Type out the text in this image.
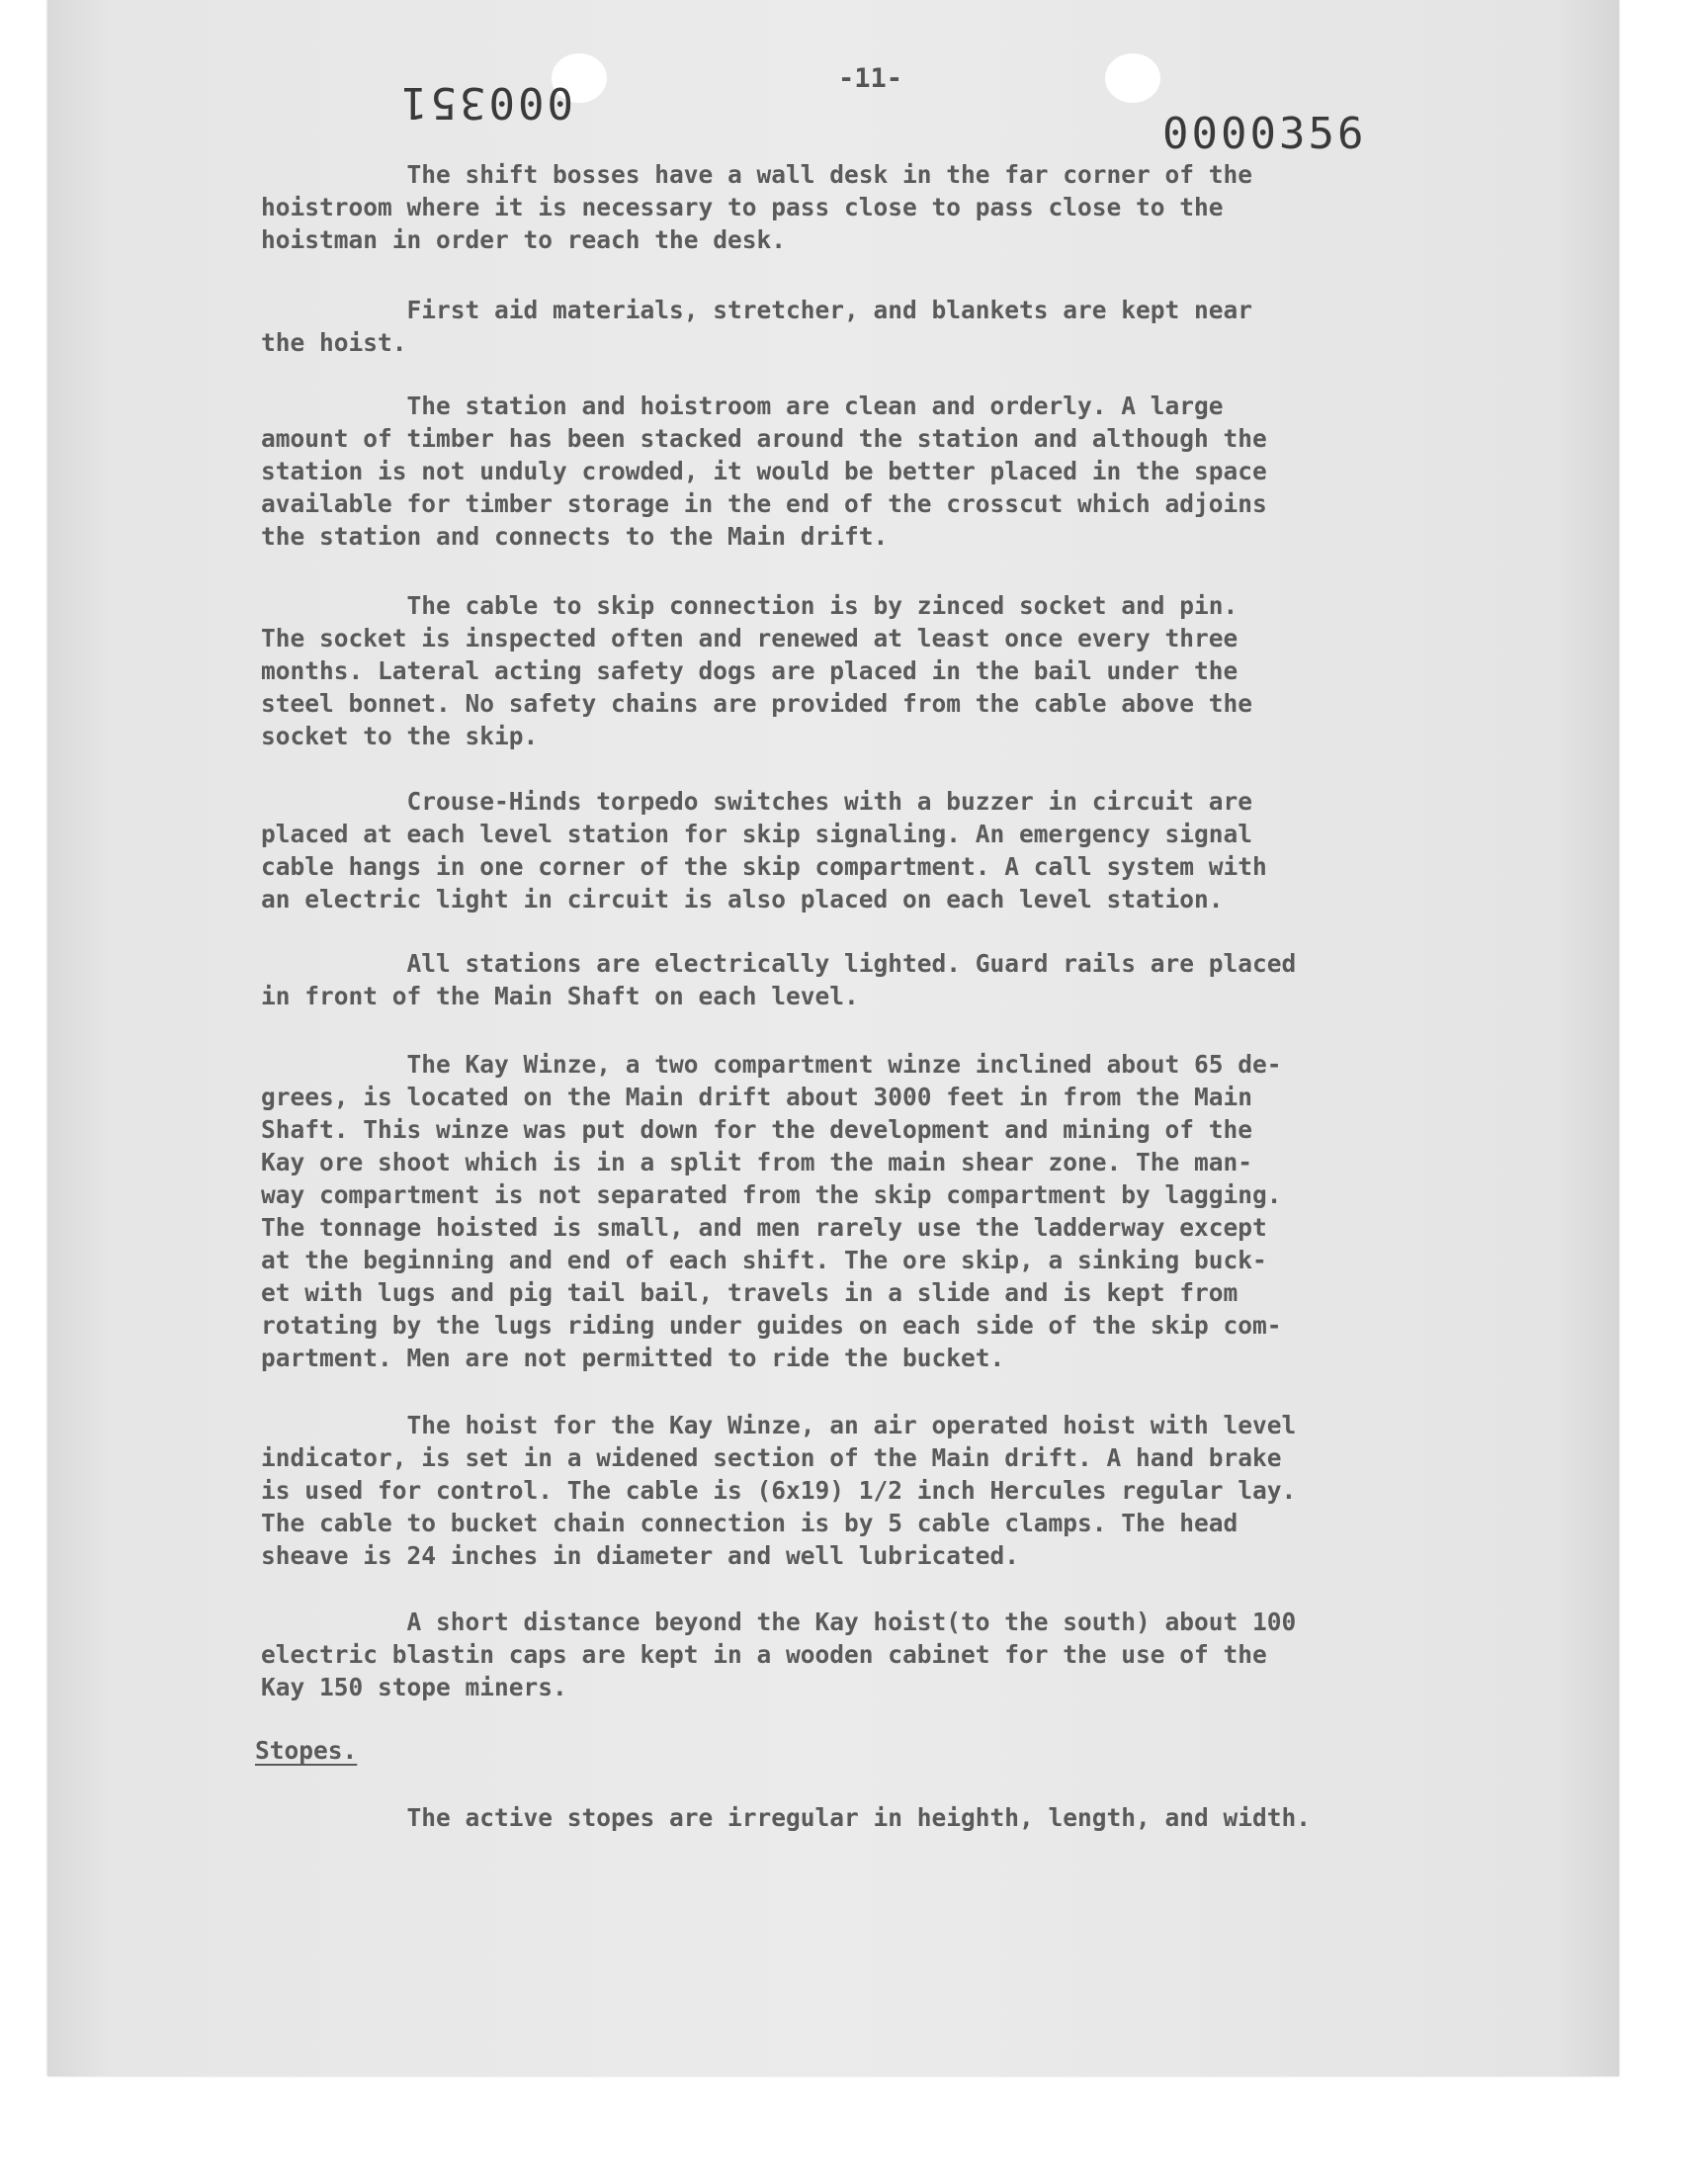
-11-
000351
0000356

The shift bosses have a wall desk in the far corner of the
hoistroom where it is necessary to pass close to pass close to the
hoistman in order to reach the desk.

First aid materials, stretcher, and blankets are kept near
the hoist.

The station and hoistroom are clean and orderly. A large
amount of timber has been stacked around the station and although the
station is not unduly crowded, it would be better placed in the space
available for timber storage in the end of the crosscut which adjoins
the station and connects to the Main drift.

The cable to skip connection is by zinced socket and pin.
The socket is inspected often and renewed at least once every three
months. Lateral acting safety dogs are placed in the bail under the
steel bonnet. No safety chains are provided from the cable above the
socket to the skip.

Crouse-Hinds torpedo switches with a buzzer in circuit are
placed at each level station for skip signaling. An emergency signal
cable hangs in one corner of the skip compartment. A call system with
an electric light in circuit is also placed on each level station.

All stations are electrically lighted. Guard rails are placed
in front of the Main Shaft on each level.

The Kay Winze, a two compartment winze inclined about 65 de-
grees, is located on the Main drift about 3000 feet in from the Main
Shaft. This winze was put down for the development and mining of the
Kay ore shoot which is in a split from the main shear zone. The man-
way compartment is not separated from the skip compartment by lagging.
The tonnage hoisted is small, and men rarely use the ladderway except
at the beginning and end of each shift. The ore skip, a sinking buck-
et with lugs and pig tail bail, travels in a slide and is kept from
rotating by the lugs riding under guides on each side of the skip com-
partment. Men are not permitted to ride the bucket.

The hoist for the Kay Winze, an air operated hoist with level
indicator, is set in a widened section of the Main drift. A hand brake
is used for control. The cable is (6x19) 1/2 inch Hercules regular lay.
The cable to bucket chain connection is by 5 cable clamps. The head
sheave is 24 inches in diameter and well lubricated.

A short distance beyond the Kay hoist(to the south) about 100
electric blastin caps are kept in a wooden cabinet for the use of the
Kay 150 stope miners.

Stopes.

The active stopes are irregular in heighth, length, and width.
